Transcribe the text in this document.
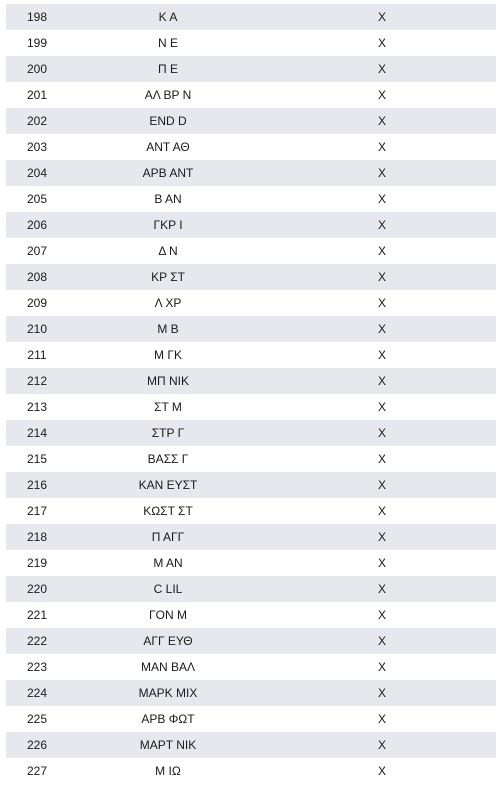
198	Κ Α	X
199	Ν Ε	X
200	Π Ε	X
201	ΑΛ ΒΡ Ν	X
202	END D	X
203	ΑΝΤ ΑΘ	X
204	ΑΡΒ ΑΝΤ	X
205	Β ΑΝ	X
206	ΓΚΡ Ι	X
207	Δ Ν	X
208	ΚΡ ΣΤ	X
209	Λ ΧΡ	X
210	Μ Β	X
211	Μ ΓΚ	X
212	ΜΠ ΝΙΚ	X
213	ΣΤ Μ	X
214	ΣΤΡ Γ	X
215	ΒΑΣΣ Γ	X
216	ΚΑΝ ΕΥΣΤ	X
217	ΚΩΣΤ ΣΤ	X
218	Π ΑΓΓ	X
219	Μ ΑΝ	X
220	C LIL	X
221	ΓΟΝ Μ	X
222	ΑΓΓ ΕΥΘ	X
223	ΜΑΝ ΒΑΛ	X
224	ΜΑΡΚ ΜΙΧ	X
225	ΑΡΒ ΦΩΤ	X
226	ΜΑΡΤ ΝΙΚ	X
227	Μ ΙΩ	X
